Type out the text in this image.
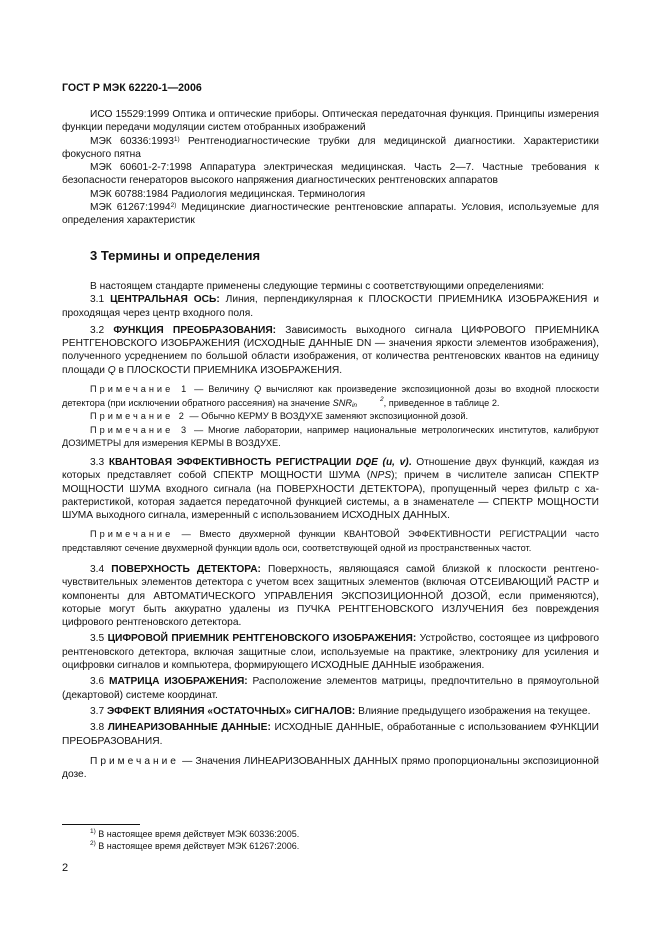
ГОСТ Р МЭК 62220-1—2006

ИСО 15529:1999 Оптика и оптические приборы. Оптическая передаточная функция. Принципы измерения функции передачи модуляции систем отобранных изображений

МЭК 60336:1993$^{1)}$ Рентгенодиагностические трубки для медицинской диагностики. Характеристики фокусного пятна

МЭК 60601-2-7:1998 Аппаратура электрическая медицинская. Часть 2—7. Частные требования к безопасности генераторов высокого напряжения диагностических рентгеновских аппаратов

МЭК 60788:1984 Радиология медицинская. Терминология

МЭК 61267:1994$^{2)}$ Медицинские диагностические рентгеновские аппараты. Условия, используемые для определения характеристик

3 Термины и определения

В настоящем стандарте применены следующие термины с соответствующими определениями:

3.1 ЦЕНТРАЛЬНАЯ ОСЬ: Линия, перпендикулярная к ПЛОСКОСТИ ПРИЕМНИКА ИЗОБРАЖЕНИЯ и проходящая через центр входного поля.

3.2 ФУНКЦИЯ ПРЕОБРАЗОВАНИЯ: Зависимость выходного сигнала ЦИФРОВОГО ПРИЕМНИКА РЕНТГЕНОВСКОГО ИЗОБРАЖЕНИЯ (ИСХОДНЫЕ ДАННЫЕ DN — значения яркости элементов изображения), полученного усреднением по большой области изображения, от количества рентгеновских квантов на единицу площади Q в ПЛОСКОСТИ ПРИЕМНИКА ИЗОБРАЖЕНИЯ.

Примечание 1 — Величину Q вычисляют как произведение экспозиционной дозы во входной плоскости детектора (при исключении обратного рассеяния) на значение SNR	2
in	, приведенное в таблице 2.

Примечание 2 — Обычно КЕРМУ В ВОЗДУХЕ заменяют экспозиционной дозой.

Примечание 3 — Многие лаборатории, например национальные метрологических институтов, калибруют ДОЗИМЕТРЫ для измерения КЕРМЫ В ВОЗДУХЕ.

3.3 КВАНТОВАЯ ЭФФЕКТИВНОСТЬ РЕГИСТРАЦИИ DQE (u, v). Отношение двух функций, каждая из которых представляет собой СПЕКТР МОЩНОСТИ ШУМА (NPS); причем в числителе записан СПЕКТР МОЩНОСТИ ШУМА входного сигнала (на ПОВЕРХНОСТИ ДЕТЕКТОРА), пропущенный через фильтр с характеристикой, которая задается передаточной функцией системы, а в знаменателе — СПЕКТР МОЩНОСТИ ШУМА выходного сигнала, измеренный с использованием ИСХОДНЫХ ДАННЫХ.

Примечание — Вместо двухмерной функции КВАНТОВОЙ ЭФФЕКТИВНОСТИ РЕГИСТРАЦИИ часто представляют сечение двухмерной функции вдоль оси, соответствующей одной из пространственных частот.

3.4 ПОВЕРХНОСТЬ ДЕТЕКТОРА: Поверхность, являющаяся самой близкой к плоскости рентгеночувствительных элементов детектора с учетом всех защитных элементов (включая ОТСЕИВАЮЩИЙ РАСТР и компоненты для АВТОМАТИЧЕСКОГО УПРАВЛЕНИЯ ЭКСПОЗИЦИОННОЙ ДОЗОЙ, если применяются), которые могут быть аккуратно удалены из ПУЧКА РЕНТГЕНОВСКОГО ИЗЛУЧЕНИЯ без повреждения цифрового рентгеновского детектора.

3.5 ЦИФРОВОЙ ПРИЕМНИК РЕНТГЕНОВСКОГО ИЗОБРАЖЕНИЯ: Устройство, состоящее из цифрового рентгеновского детектора, включая защитные слои, используемые на практике, электронику для усиления и оцифровки сигналов и компьютера, формирующего ИСХОДНЫЕ ДАННЫЕ изображения.

3.6 МАТРИЦА ИЗОБРАЖЕНИЯ: Расположение элементов матрицы, предпочтительно в прямоугольной (декартовой) системе координат.

3.7 ЭФФЕКТ ВЛИЯНИЯ «ОСТАТОЧНЫХ» СИГНАЛОВ: Влияние предыдущего изображения на текущее.

3.8 ЛИНЕАРИЗОВАННЫЕ ДАННЫЕ: ИСХОДНЫЕ ДАННЫЕ, обработанные с использованием ФУНКЦИИ ПРЕОБРАЗОВАНИЯ.

Примечание — Значения ЛИНЕАРИЗОВАННЫХ ДАННЫХ прямо пропорциональны экспозиционной дозе.

$^{1)}$ В настоящее время действует МЭК 60336:2005.
$^{2)}$ В настоящее время действует МЭК 61267:2006.
2
